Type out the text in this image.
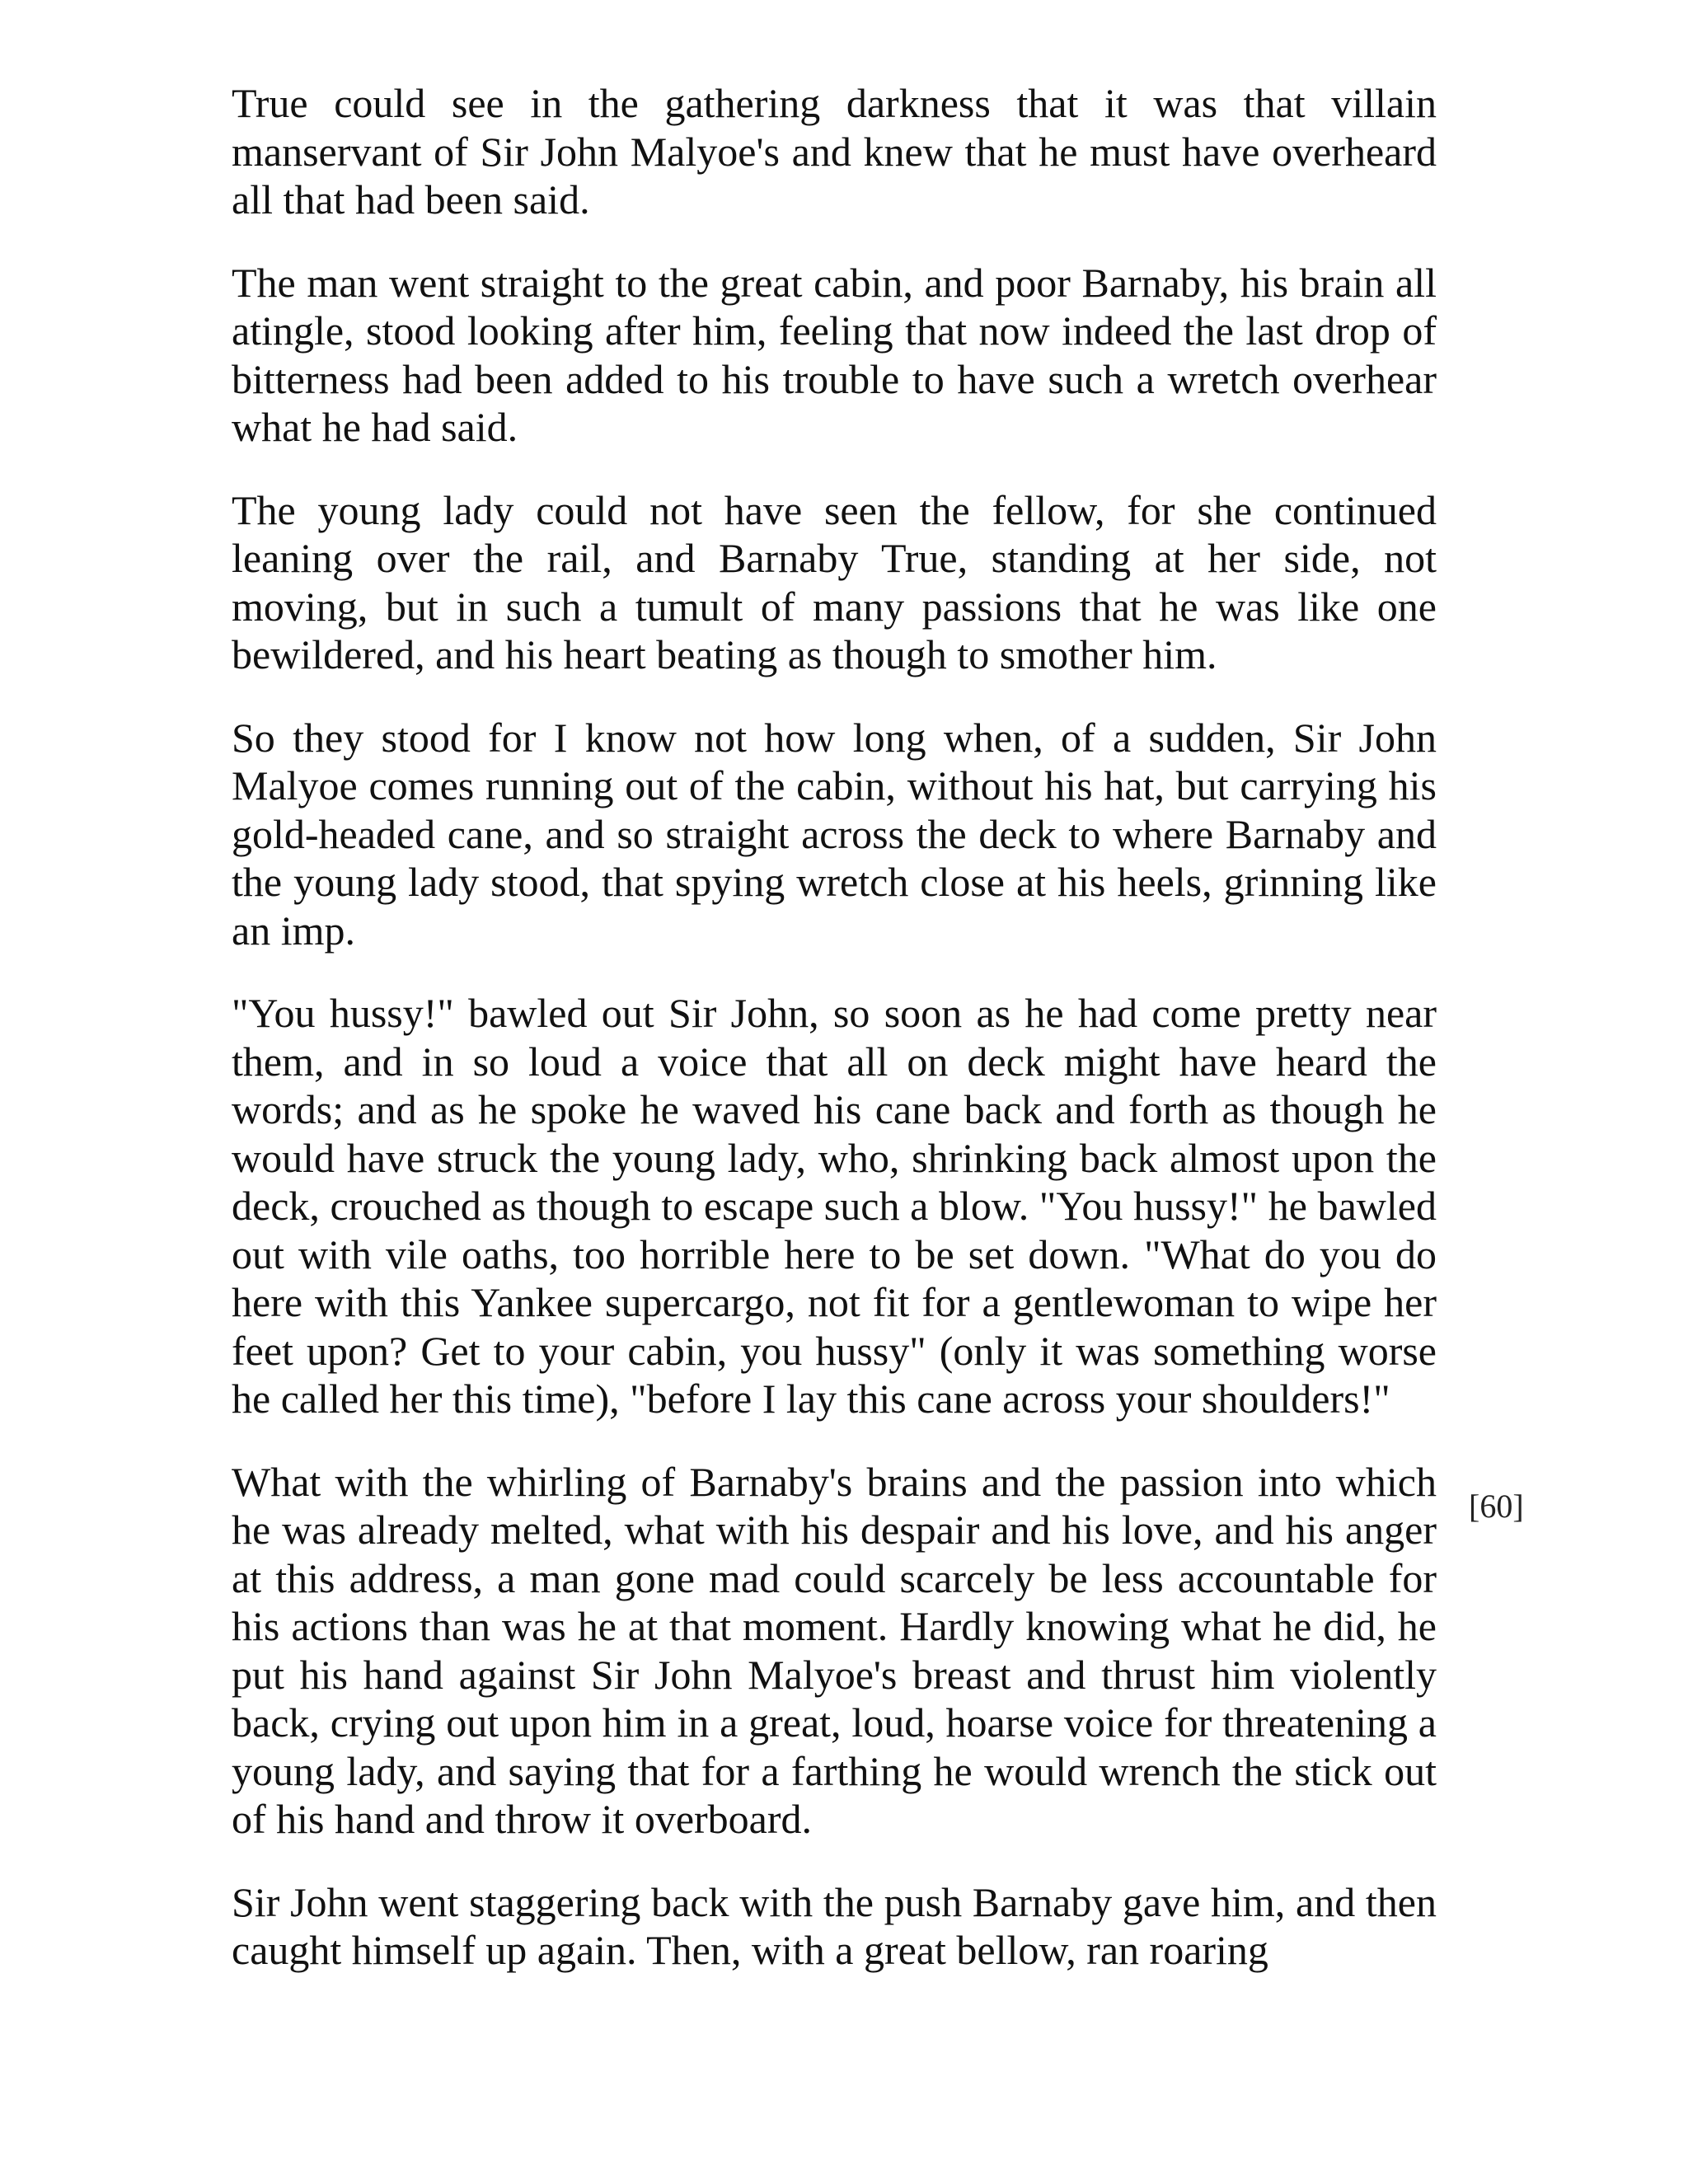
True could see in the gathering darkness that it was that villain manservant of Sir John Malyoe's and knew that he must have overheard all that had been said.

The man went straight to the great cabin, and poor Barnaby, his brain all atingle, stood looking after him, feeling that now indeed the last drop of bitterness had been added to his trouble to have such a wretch overhear what he had said.

The young lady could not have seen the fellow, for she continued leaning over the rail, and Barnaby True, standing at her side, not moving, but in such a tumult of many passions that he was like one bewildered, and his heart beating as though to smother him.

So they stood for I know not how long when, of a sudden, Sir John Malyoe comes running out of the cabin, without his hat, but carrying his gold-headed cane, and so straight across the deck to where Barnaby and the young lady stood, that spying wretch close at his heels, grinning like an imp.

"You hussy!" bawled out Sir John, so soon as he had come pretty near them, and in so loud a voice that all on deck might have heard the words; and as he spoke he waved his cane back and forth as though he would have struck the young lady, who, shrinking back almost upon the deck, crouched as though to escape such a blow. "You hussy!" he bawled out with vile oaths, too horrible here to be set down. "What do you do here with this Yankee supercargo, not fit for a gentlewoman to wipe her feet upon? Get to your cabin, you hussy" (only it was something worse he called her this time), "before I lay this cane across your shoulders!"

What with the whirling of Barnaby's brains and the passion into which he was already melted, what with his despair and his love, and his anger at this address, a man gone mad could scarcely be less accountable for his actions than was he at that moment. Hardly knowing what he did, he put his hand against Sir John Malyoe's breast and thrust him violently back, crying out upon him in a great, loud, hoarse voice for threatening a young lady, and saying that for a farthing he would wrench the stick out of his hand and throw it overboard.

Sir John went staggering back with the push Barnaby gave him, and then caught himself up again. Then, with a great bellow, ran roaring

[60]
